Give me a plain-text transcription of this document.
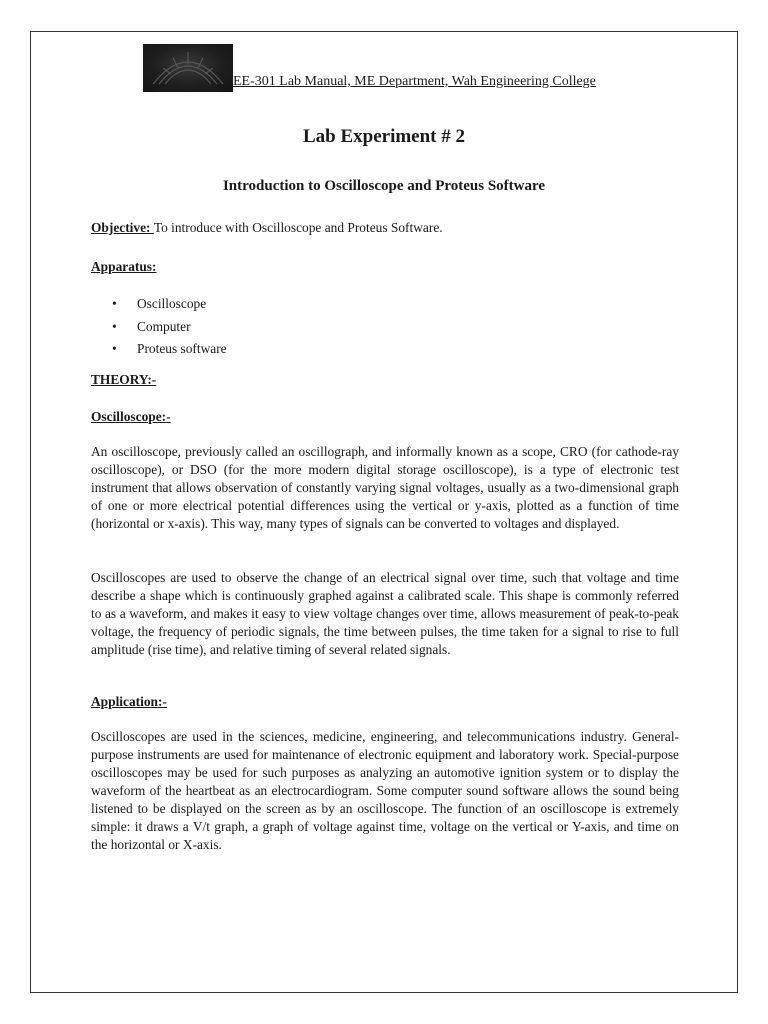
EE-301 Lab Manual, ME Department, Wah Engineering College
Lab Experiment # 2
Introduction to Oscilloscope and Proteus Software
Objective: To introduce with Oscilloscope and Proteus Software.
Apparatus:
• Oscilloscope
• Computer
• Proteus software
THEORY:-
Oscilloscope:-
An oscilloscope, previously called an oscillograph, and informally known as a scope, CRO (for cathode-ray oscilloscope), or DSO (for the more modern digital storage oscilloscope), is a type of electronic test instrument that allows observation of constantly varying signal voltages, usually as a two-dimensional graph of one or more electrical potential differences using the vertical or y-axis, plotted as a function of time (horizontal or x-axis). This way, many types of signals can be converted to voltages and displayed.
Oscilloscopes are used to observe the change of an electrical signal over time, such that voltage and time describe a shape which is continuously graphed against a calibrated scale. This shape is commonly referred to as a waveform, and makes it easy to view voltage changes over time, allows measurement of peak-to-peak voltage, the frequency of periodic signals, the time between pulses, the time taken for a signal to rise to full amplitude (rise time), and relative timing of several related signals.
Application:-
Oscilloscopes are used in the sciences, medicine, engineering, and telecommunications industry. General-purpose instruments are used for maintenance of electronic equipment and laboratory work. Special-purpose oscilloscopes may be used for such purposes as analyzing an automotive ignition system or to display the waveform of the heartbeat as an electrocardiogram. Some computer sound software allows the sound being listened to be displayed on the screen as by an oscilloscope. The function of an oscilloscope is extremely simple: it draws a V/t graph, a graph of voltage against time, voltage on the vertical or Y-axis, and time on the horizontal or X-axis.
